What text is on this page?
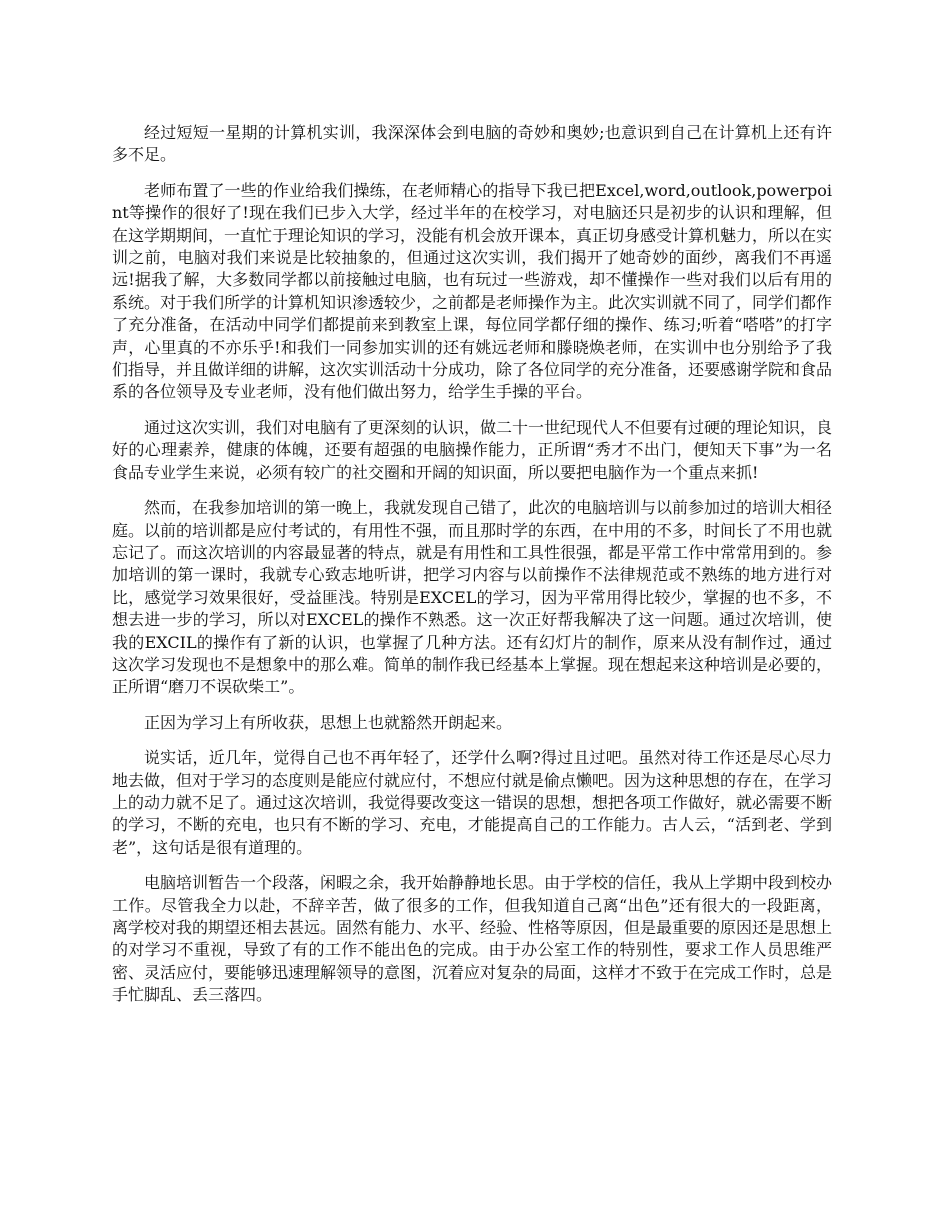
经过短短一星期的计算机实训，我深深体会到电脑的奇妙和奥妙;也意识到自己在计算机上还有许多不足。

老师布置了一些的作业给我们操练，在老师精心的指导下我已把Excel,word,outlook,powerpoint等操作的很好了!现在我们已步入大学，经过半年的在校学习，对电脑还只是初步的认识和理解，但在这学期期间，一直忙于理论知识的学习，没能有机会放开课本，真正切身感受计算机魅力，所以在实训之前，电脑对我们来说是比较抽象的，但通过这次实训，我们揭开了她奇妙的面纱，离我们不再遥远!据我了解，大多数同学都以前接触过电脑，也有玩过一些游戏，却不懂操作一些对我们以后有用的系统。对于我们所学的计算机知识渗透较少，之前都是老师操作为主。此次实训就不同了，同学们都作了充分准备，在活动中同学们都提前来到教室上课，每位同学都仔细的操作、练习;听着“嗒嗒”的打字声，心里真的不亦乐乎!和我们一同参加实训的还有姚远老师和滕晓焕老师，在实训中也分别给予了我们指导，并且做详细的讲解，这次实训活动十分成功，除了各位同学的充分准备，还要感谢学院和食品系的各位领导及专业老师，没有他们做出努力，给学生手操的平台。

通过这次实训，我们对电脑有了更深刻的认识，做二十一世纪现代人不但要有过硬的理论知识，良好的心理素养，健康的体魄，还要有超强的电脑操作能力，正所谓“秀才不出门，便知天下事”为一名食品专业学生来说，必须有较广的社交圈和开阔的知识面，所以要把电脑作为一个重点来抓!

然而，在我参加培训的第一晚上，我就发现自己错了，此次的电脑培训与以前参加过的培训大相径庭。以前的培训都是应付考试的，有用性不强，而且那时学的东西，在中用的不多，时间长了不用也就忘记了。而这次培训的内容最显著的特点，就是有用性和工具性很强，都是平常工作中常常用到的。参加培训的第一课时，我就专心致志地听讲，把学习内容与以前操作不法律规范或不熟练的地方进行对比，感觉学习效果很好，受益匪浅。特别是EXCEL的学习，因为平常用得比较少，掌握的也不多，不想去进一步的学习，所以对EXCEL的操作不熟悉。这一次正好帮我解决了这一问题。通过次培训，使我的EXCIL的操作有了新的认识，也掌握了几种方法。还有幻灯片的制作，原来从没有制作过，通过这次学习发现也不是想象中的那么难。简单的制作我已经基本上掌握。现在想起来这种培训是必要的，正所谓“磨刀不误砍柴工”。

正因为学习上有所收获，思想上也就豁然开朗起来。

说实话，近几年，觉得自己也不再年轻了，还学什么啊?得过且过吧。虽然对待工作还是尽心尽力地去做，但对于学习的态度则是能应付就应付，不想应付就是偷点懒吧。因为这种思想的存在，在学习上的动力就不足了。通过这次培训，我觉得要改变这一错误的思想，想把各项工作做好，就必需要不断的学习，不断的充电，也只有不断的学习、充电，才能提高自己的工作能力。古人云，“活到老、学到老”，这句话是很有道理的。

电脑培训暂告一个段落，闲暇之余，我开始静静地长思。由于学校的信任，我从上学期中段到校办工作。尽管我全力以赴，不辞辛苦，做了很多的工作，但我知道自己离“出色”还有很大的一段距离，离学校对我的期望还相去甚远。固然有能力、水平、经验、性格等原因，但是最重要的原因还是思想上的对学习不重视，导致了有的工作不能出色的完成。由于办公室工作的特别性，要求工作人员思维严密、灵活应付，要能够迅速理解领导的意图，沉着应对复杂的局面，这样才不致于在完成工作时，总是手忙脚乱、丢三落四。
